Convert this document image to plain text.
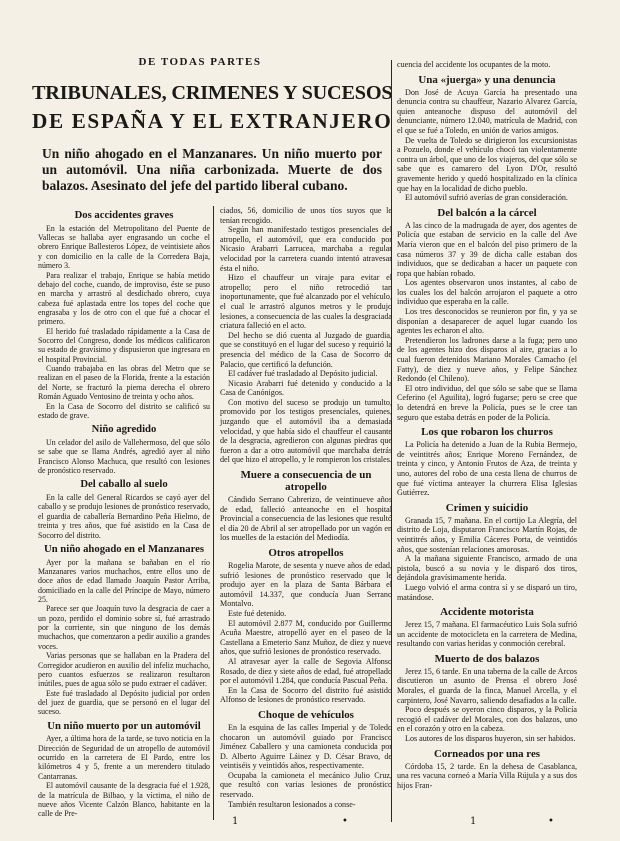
DE TODAS PARTES
TRIBUNALES, CRIMENES Y SUCESOS
DE ESPAÑA Y EL EXTRANJERO
Un niño ahogado en el Manzanares. Un niño muerto por un automóvil. Una niña carbonizada. Muerte de dos balazos. Asesinato del jefe del partido liberal cubano.
Dos accidentes graves

En la estación del Metropolitano del Puente de Vallecas se hallaba ayer engrasando un coche el obrero Enrique Ballesteros López, de veintisiete años y con domicilio en la calle de la Corredera Baja, número 3.

Para realizar el trabajo, Enrique se había metido debajo del coche, cuando, de improviso, éste se puso en marcha y arrastró al desdichado obrero, cuya cabeza fué aplastada entre los topes del coche que engrasaba y los de otro con el que fué a chocar el primero.

El herido fué trasladado rápidamente a la Casa de Socorro del Congreso, donde los médicos calificaron su estado de gravísimo y dispusieron que ingresara en el hospital Provincial.

Cuando trabajaba en las obras del Metro que se realizan en el paseo de la Florida, frente a la estación del Norte, se fracturó la pierna derecha el obrero Román Aguado Ventosino de treinta y ocho años.

En la Casa de Socorro del distrito se calificó su estado de grave.

Niño agredido

Un celador del asilo de Vallehermoso, del que sólo se sabe que se llama Andrés, agredió ayer al niño Francisco Alonso Machuca, que resultó con lesiones de pronóstico reservado.

Del caballo al suelo

En la calle del General Ricardos se cayó ayer del caballo y se produjo lesiones de pronóstico reservado, el guardia de caballería Bernardino Peña Hielmo, de treinta y tres años, que fué asistido en la Casa de Socorro del distrito.

Un niño ahogado en el Manzanares

Ayer por la mañana se bañaban en el río Manzanares varios muchachos, entre ellos uno de doce años de edad llamado Joaquín Pastor Arriba, domiciliado en la calle del Príncipe de Mayo, número 25.

Parece ser que Joaquín tuvo la desgracia de caer a un pozo, perdido el dominio sobre sí, fué arrastrado por la corriente, sin que ninguno de los demás muchachos, que comenzaron a pedir auxilio a grandes voces.

Varias personas que se hallaban en la Pradera del Corregidor acudieron en auxilio del infeliz muchacho, pero cuantos esfuerzos se realizaron resultaron inútiles, pues de agua sólo se pudo extraer el cadáver.

Este fué trasladado al Depósito judicial por orden del juez de guardia, que se personó en el lugar del suceso.

Un niño muerto por un automóvil

Ayer, a última hora de la tarde, se tuvo noticia en la Dirección de Seguridad de un atropello de automóvil ocurrido en la carretera de El Pardo, entre los kilómetros 4 y 5, frente a un merendero titulado Cantarranas.

El automóvil causante de la desgracia fué el 1.928, de la matrícula de Bilbao, y la víctima, el niño de nueve años Vicente Calzón Blanco, habitante en la calle de Pre-

ciados, 56, domicilio de unos tíos suyos que le tenían recogido.

Según han manifestado testigos presenciales del atropello, el automóvil, que era conducido por Nicasio Arabarri Larrucea, marchaba a regular velocidad por la carretera cuando intentó atravesar ésta el niño.

Hizo el chauffeur un viraje para evitar el atropello; pero el niño retrocedió tan inoportunamente, que fué alcanzado por el vehículo, el cual le arrastró algunos metros y le produjo lesiones, a consecuencia de las cuales la desgraciada criatura falleció en el acto.

Del hecho se dió cuenta al Juzgado de guardia, que se constituyó en el lugar del suceso y requirió la presencia del médico de la Casa de Socorro de Palacio, que certificó la defunción.

El cadáver fué trasladado al Depósito judicial.

Nicasio Arabarri fué detenido y conducido a la Casa de Canónigos.

Con motivo del suceso se produjo un tumulto, promovido por los testigos presenciales, quienes, juzgando que el automóvil iba a demasiada velocidad, y que había sido el chauffeur el causante de la desgracia, agredieron con algunas piedras que fueron a dar a otro automóvil que marchaba detrás del que hizo el atropello, y le rompieron los cristales.

Muere a consecuencia de un atropello

Cándido Serrano Cabrerizo, de veintinueve años de edad, falleció anteanoche en el hospital Provincial a consecuencia de las lesiones que resultó el día 20 de Abril al ser atropellado por un vagón en los muelles de la estación del Mediodía.

Otros atropellos

Rogelia Marote, de sesenta y nueve años de edad, sufrió lesiones de pronóstico reservado que le produjo ayer en la plaza de Santa Bárbara el automóvil 14.337, que conducía Juan Serrano Montalvo.

Este fué detenido.

El automóvil 2.877 M, conducido por Guillermo Acuña Maestre, atropelló ayer en el paseo de la Castellana a Emeterio Sanz Muñoz, de diez y nueve años, que sufrió lesiones de pronóstico reservado.

Al atravesar ayer la calle de Segovia Alfonso Rosado, de diez y siete años de edad, fué atropellado por el automóvil 1.284, que conducía Pascual Peña.

En la Casa de Socorro del distrito fué asistido Alfonso de lesiones de pronóstico reservado.

Choque de vehículos

En la esquina de las calles Imperial y de Toledo chocaron un automóvil guiado por Francisco Jiménez Caballero y una camioneta conducida por D. Alberto Aguirre Láinez y D. César Bravo, de veintiséis y veintidós años, respectivamente.

Ocupaba la camioneta el mecánico Julio Cruz, que resultó con varias lesiones de pronóstico reservado.

También resultaron lesionados a conse-

cuencia del accidente los ocupantes de la moto.

Una «juerga» y una denuncia

Don José de Acuya García ha presentado una denuncia contra su chauffeur, Nazario Alvarez García, quien anteanoche dispuso del automóvil del denunciante, número 12.040, matrícula de Madrid, con el que se fué a Toledo, en unión de varios amigos.

De vuelta de Toledo se dirigieron los excursionistas a Pozuelo, donde el vehículo chocó tan violentamente contra un árbol, que uno de los viajeros, del que sólo se sabe que es camarero del Lyon D'Or, resultó gravemente herido y quedó hospitalizado en la clínica que hay en la localidad de dicho pueblo.

El automóvil sufrió averías de gran consideración.

Del balcón a la cárcel

A las cinco de la madrugada de ayer, dos agentes de Policía que estaban de servicio en la calle del Ave María vieron que en el balcón del piso primero de la casa números 37 y 39 de dicha calle estaban dos individuos, que se dedicaban a hacer un paquete con ropa que habían robado.

Los agentes observaron unos instantes, al cabo de los cuales los del balcón arrojaron el paquete a otro individuo que esperaba en la calle.

Los tres desconocidos se reunieron por fin, y ya se disponían a desaparecer de aquel lugar cuando los agentes les echaron el alto.

Pretendieron los ladrones darse a la fuga; pero uno de los agentes hizo dos disparos al aire, gracias a lo cual fueron detenidos Mariano Morales Camacho (el Fatty), de diez y nueve años, y Felipe Sánchez Redondo (el Chileno).

El otro individuo, del que sólo se sabe que se llama Ceferino (el Aguilita), logró fugarse; pero se cree que lo detendrá en breve la Policía, pues se le cree tan seguro que estaba detrás en poder de la Policía.

Los que robaron los churros

La Policía ha detenido a Juan de la Rubia Bermejo, de veintitrés años; Enrique Moreno Fernández, de treinta y cinco, y Antonio Frutos de Aza, de treinta y uno, autores del robo de una cesta llena de churros de que fué víctima anteayer la churrera Elisa Iglesias Gutiérrez.

Crimen y suicidio

Granada 15, 7 mañana. En el cortijo La Alegría, del distrito de Loja, disputaron Francisco Martín Rojas, de veintitrés años, y Emilia Cáceres Porta, de veintidós años, que sostenían relaciones amorosas.

A la mañana siguiente Francisco, armado de una pistola, buscó a su novia y le disparó dos tiros, dejándola gravísimamente herida.

Luego volvió el arma contra sí y se disparó un tiro, matándose.

Accidente motorista

Jerez 15, 7 mañana. El farmacéutico Luis Sola sufrió un accidente de motocicleta en la carretera de Medina, resultando con varias heridas y conmoción cerebral.

Muerto de dos balazos

Jerez 15, 6 tarde. En una taberna de la calle de Arcos discutieron un asunto de Prensa el obrero José Morales, el guarda de la finca, Manuel Arcella, y el carpintero, José Navarro, saliendo desafiados a la calle.

Poco después se oyeron cinco disparos, y la Policía recogió el cadáver del Morales, con dos balazos, uno en el corazón y otro en la cabeza.

Los autores de los disparos huyeron, sin ser habidos.

Corneados por una res

Córdoba 15, 2 tarde. En la dehesa de Casablanca, una res vacuna corneó a María Villa Rújula y a sus dos hijos Fran-

1	•	1	•
